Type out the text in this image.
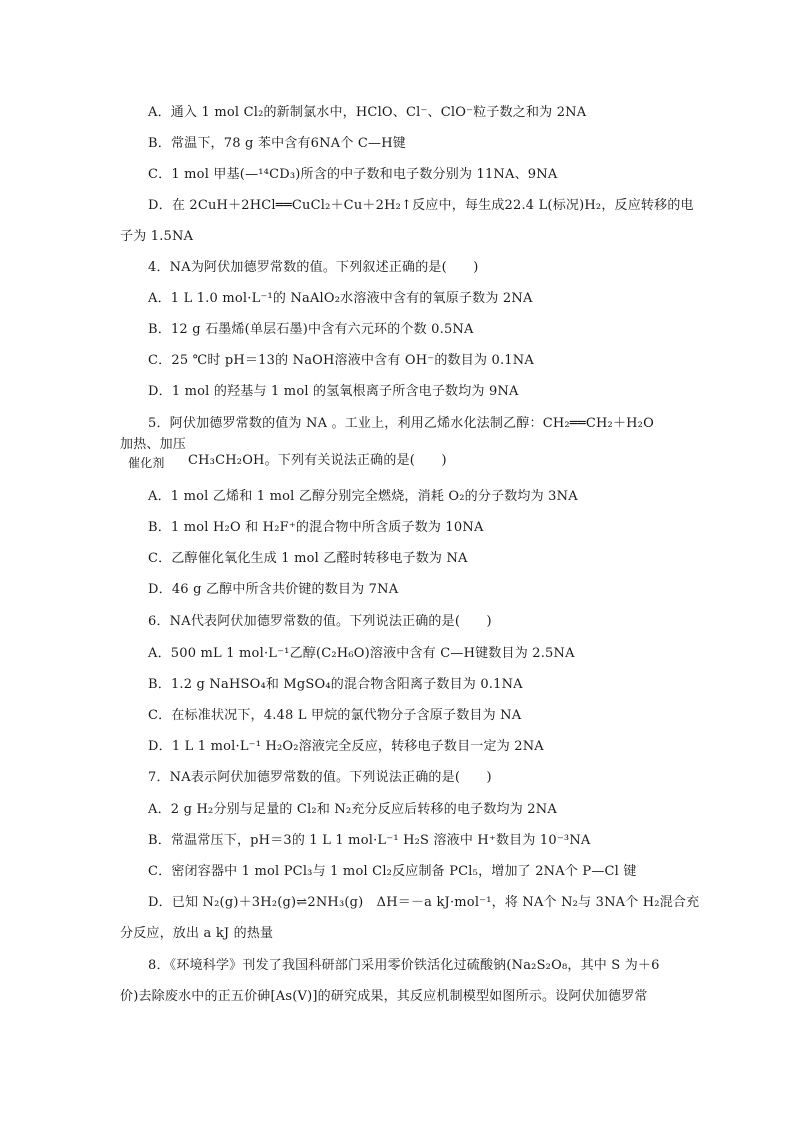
A．通入 1 mol Cl₂的新制氯水中，HClO、Cl⁻、ClO⁻粒子数之和为 2NA
B．常温下，78 g 苯中含有6NA个 C—H键
C．1 mol 甲基(—¹⁴CD₃)所含的中子数和电子数分别为 11NA、9NA
D．在 2CuH＋2HCl══CuCl₂＋Cu＋2H₂↑反应中，每生成22.4 L(标况)H₂，反应转移的电
子为 1.5NA
4．NA为阿伏加德罗常数的值。下列叙述正确的是(　　)
A．1 L 1.0 mol·L⁻¹的 NaAlO₂水溶液中含有的氧原子数为 2NA
B．12 g 石墨烯(单层石墨)中含有六元环的个数 0.5NA
C．25 ℃时 pH＝13的 NaOH溶液中含有 OH⁻的数目为 0.1NA
D．1 mol 的羟基与 1 mol 的氢氧根离子所含电子数均为 9NA
5．阿伏加德罗常数的值为 NA 。工业上，利用乙烯水化法制乙醇：CH₂══CH₂＋H₂O
加热、加压
催化剂 CH₃CH₂OH。下列有关说法正确的是(　　)
A．1 mol 乙烯和 1 mol 乙醇分别完全燃烧，消耗 O₂的分子数均为 3NA
B．1 mol H₂O 和 H₂F⁺的混合物中所含质子数为 10NA
C．乙醇催化氧化生成 1 mol 乙醛时转移电子数为 NA
D．46 g 乙醇中所含共价键的数目为 7NA
6．NA代表阿伏加德罗常数的值。下列说法正确的是(　　)
A．500 mL 1 mol·L⁻¹乙醇(C₂H₆O)溶液中含有 C—H键数目为 2.5NA
B．1.2 g NaHSO₄和 MgSO₄的混合物含阳离子数目为 0.1NA
C．在标准状况下，4.48 L 甲烷的氯代物分子含原子数目为 NA
D．1 L 1 mol·L⁻¹ H₂O₂溶液完全反应，转移电子数目一定为 2NA
7．NA表示阿伏加德罗常数的值。下列说法正确的是(　　)
A．2 g H₂分别与足量的 Cl₂和 N₂充分反应后转移的电子数均为 2NA
B．常温常压下，pH＝3的 1 L 1 mol·L⁻¹ H₂S 溶液中 H⁺数目为 10⁻³NA
C．密闭容器中 1 mol PCl₃与 1 mol Cl₂反应制备 PCl₅，增加了 2NA个 P—Cl 键
D．已知 N₂(g)＋3H₂(g)⇌2NH₃(g)　ΔH＝－a kJ·mol⁻¹，将 NA个 N₂与 3NA个 H₂混合充
分反应，放出 a kJ 的热量
8．《环境科学》刊发了我国科研部门采用零价铁活化过硫酸钠(Na₂S₂O₈，其中 S 为＋6
价)去除废水中的正五价砷[As(Ⅴ)]的研究成果，其反应机制模型如图所示。设阿伏加德罗常
